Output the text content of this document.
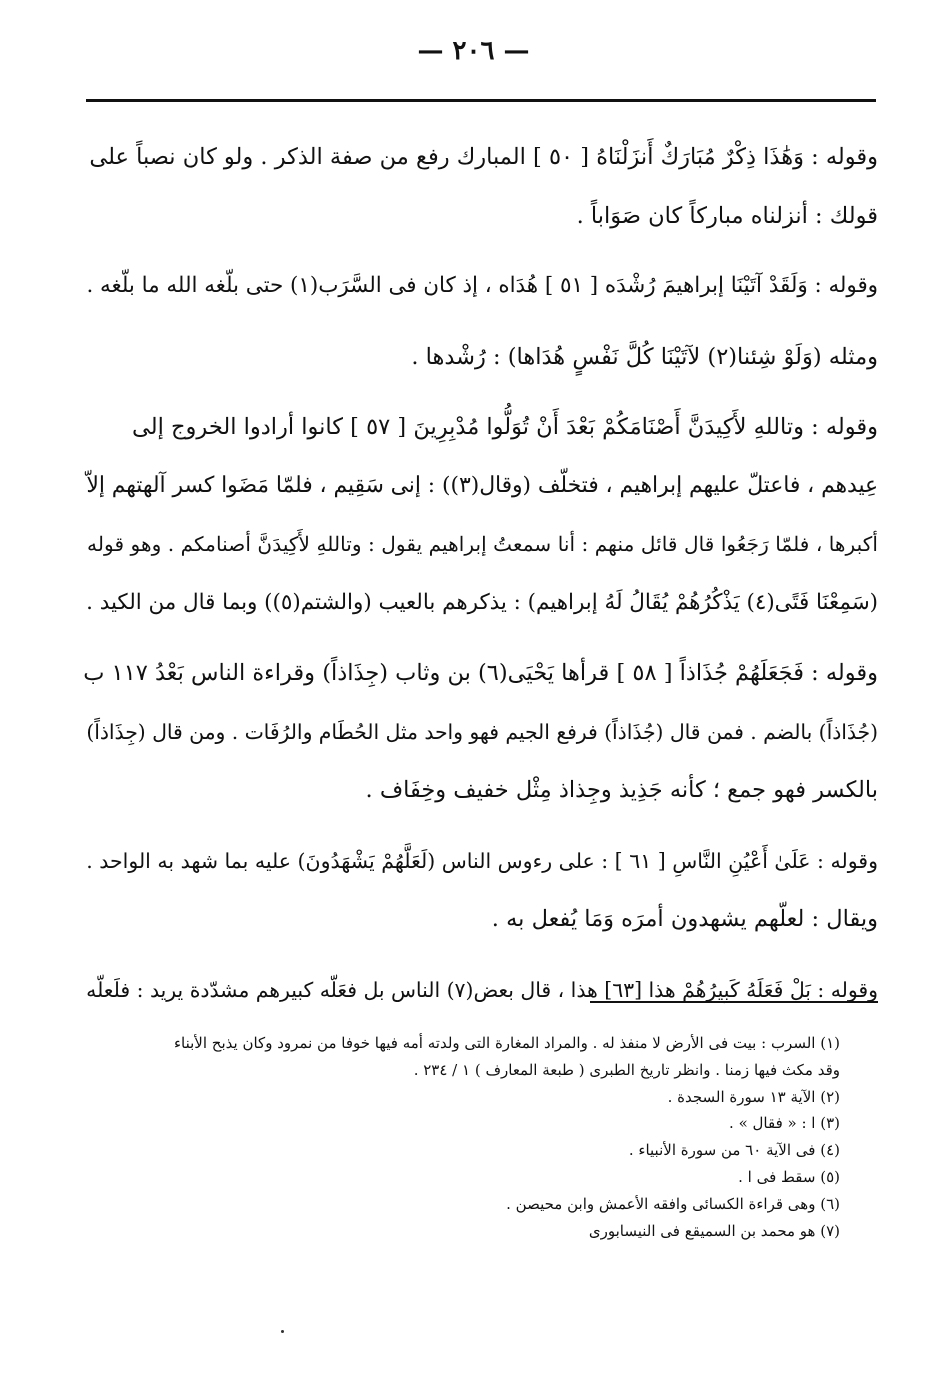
— ٢٠٦ —

وقوله : وَهَٰذَا ذِكْرٌ مُبَارَكٌ أَنزَلْنَاهُ [ ٥٠ ] المبارك رفع من صفة الذكر . ولو كان نصباً على

قولك : أنزلناه مباركاً كان صَوَاباً .

وقوله : وَلَقَدْ آتَيْنَا إبراهيمَ رُشْدَه [ ٥١ ] هُدَاه ، إذ كان فى السَّرَب(١) حتى بلّغه الله ما بلّغه .

ومثله (وَلَوْ شِئنا(٢) لآتَيْنَا كُلَّ نَفْسٍ هُدَاها) : رُشْدها .

وقوله : وتاللهِ لأَكِيدَنَّ أَصْنَامَكُمْ بَعْدَ أَنْ تُوَلُّوا مُدْبِرِينَ [ ٥٧ ] كانوا أرادوا الخروج إلى

عِيدهم ، فاعتلّ عليهم إبراهيم ، فتخلّف (وقال(٣)) : إنى سَقِيم ، فلمّا مَضَوا كسر آلهتهم إلاّ

أكبرها ، فلمّا رَجَعُوا قال قائل منهم : أنا سمعتُ إبراهيم يقول : وتاللهِ لأَكِيدَنَّ أصنامكم . وهو قوله

(سَمِعْنَا فَتًى(٤) يَذْكُرُهُمْ يُقَالُ لَهُ إبراهيم) : يذكرهم بالعيب (والشتم(٥)) وبما قال من الكيد .

وقوله : فَجَعَلَهُمْ جُذَاذاً [ ٥٨ ] قرأها يَحْيَى(٦) بن وثاب (جِذَاذاً) وقراءة الناس بَعْدُ ١١٧ ب

(جُذَاذاً) بالضم . فمن قال (جُذَاذاً) فرفع الجيم فهو واحد مثل الحُطَام والرُفَات . ومن قال (جِذَاذاً)

بالكسر فهو جمع ؛ كأنه جَذِيذ وجِذاذ مِثْل خفيف وخِفَاف .

وقوله : عَلَىٰ أَعْيُنِ النَّاسِ [ ٦١ ] : على رءوس الناس (لَعَلَّهُمْ يَشْهَدُونَ) عليه بما شهد به الواحد .

ويقال : لعلّهم يشهدون أمرَه وَمَا يُفعل به .

وقوله : بَلْ فَعَلَهُ كَبِيرُهُمْ هذا [٦٣] هذا ، قال بعض(٧) الناس بل فعَلّه كبيرهم مشدّدة يريد : فلَعلّه

(١) السرب : بيت فى الأرض لا منفذ له . والمراد المغارة التى ولدته أمه فيها خوفا من نمرود وكان يذبح الأبناء
وقد مكث فيها زمنا . وانظر تاريخ الطبرى ( طبعة المعارف ) ١ / ٢٣٤ .
(٢) الآية ١٣ سورة السجدة .
(٣) ا : « فقال » .
(٤) فى الآية ٦٠ من سورة الأنبياء .
(٥) سقط فى ا .
(٦) وهى قراءة الكسائى وافقه الأعمش وابن محيصن .
(٧) هو محمد بن السميقع فى النيسابورى
